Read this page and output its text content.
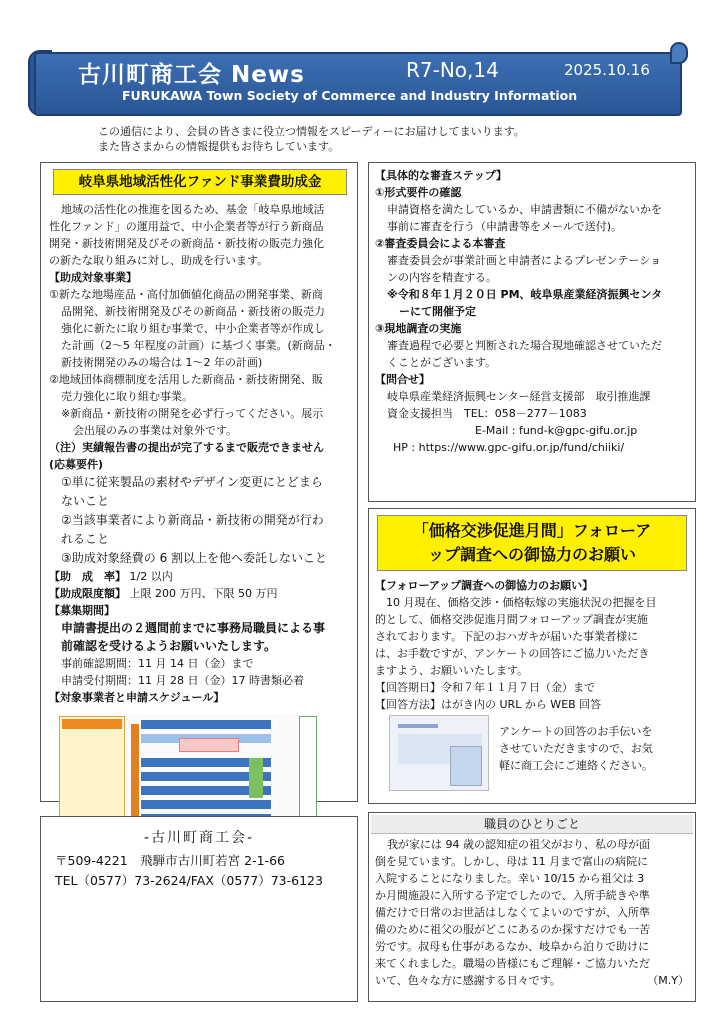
古川町商工会 News	R7-No,14	2025.10.16
FURUKAWA Town Society of Commerce and Industry Information
この通信により、会員の皆さまに役立つ情報をスピーディーにお届けしてまいります。
また皆さまからの情報提供もお待ちしています。
岐阜県地域活性化ファンド事業費助成金
地域の活性化の推進を図るため、基金「岐阜県地域活
性化ファンド」の運用益で、中小企業者等が行う新商品
開発・新技術開発及びその新商品・新技術の販売力強化
の新たな取り組みに対し、助成を行います。
【助成対象事業】
①新たな地場産品・高付加価値化商品の開発事業、新商
品開発、新技術開発及びその新商品・新技術の販売力
強化に新たに取り組む事業で、中小企業者等が作成し
た計画（2～5 年程度の計画）に基づく事業。(新商品・
新技術開発のみの場合は 1～2 年の計画)
②地域団体商標制度を活用した新商品・新技術開発、販
売力強化に取り組む事業。
※新商品・新技術の開発を必ず行ってください。展示
会出展のみの事業は対象外です。
（注）実績報告書の提出が完了するまで販売できません
(応募要件)
①単に従来製品の素材やデザイン変更にとどまら
ないこと
②当該事業者により新商品・新技術の開発が行わ
れること
③助成対象経費の 6 割以上を他へ委託しないこと
【助　成　率】 1/2 以内
【助成限度額】 上限 200 万円、下限 50 万円
【募集期間】
申請書提出の２週間前までに事務局職員による事
前確認を受けるようお願いいたします。
事前確認期間：11 月 14 日（金）まで
申請受付期間：11 月 28 日（金）17 時書類必着
【対象事業者と申請スケジュール】
-古川町商工会-
〒509-4221　飛騨市古川町若宮 2-1-66
TEL（0577）73-2624/FAX（0577）73-6123
【具体的な審査ステップ】
①形式要件の確認
申請資格を満たしているか、申請書類に不備がないかを
事前に審査を行う（申請書等をメールで送付)。
②審査委員会による本審査
審査委員会が事業計画と申請者によるプレゼンテーショ
ンの内容を精査する。
※令和８年１月２０日 PM、岐阜県産業経済振興センタ
ーにて開催予定
③現地調査の実施
審査過程で必要と判断された場合現地確認させていただ
くことがございます。
【問合せ】
岐阜県産業経済振興センター経営支援部　取引推進課
資金支援担当　TEL：058－277－1083
E-Mail : fund-k@gpc-gifu.or.jp
HP : https://www.gpc-gifu.or.jp/fund/chiiki/
「価格交渉促進月間」フォローア
ップ調査への御協力のお願い
【フォローアップ調査への御協力のお願い】
　10 月現在、価格交渉・価格転嫁の実施状況の把握を目
的として、価格交渉促進月間フォローアップ調査が実施
されております。下記のおハガキが届いた事業者様に
は、お手数ですが、アンケートの回答にご協力いただき
ますよう、お願いいたします。
【回答期日】令和７年１１月７日（金）まで
【回答方法】はがき内の URL から WEB 回答
アンケートの回答のお手伝いを
させていただきますので、お気
軽に商工会にご連絡ください。
職員のひとりごと
我が家には 94 歳の認知症の祖父がおり、私の母が面
倒を見ています。しかし、母は 11 月まで富山の病院に
入院することになりました。幸い 10/15 から祖父は 3
か月間施設に入所する予定でしたので、入所手続きや準
備だけで日常のお世話はしなくてよいのですが、入所準
備のために祖父の服がどこにあるのか探すだけでも一苦
労です。叔母も仕事があるなか、岐阜から泊りで助けに
来てくれました。職場の皆様にもご理解・ご協力いただ
いて、色々な方に感謝する日々です。	（M.Y）
